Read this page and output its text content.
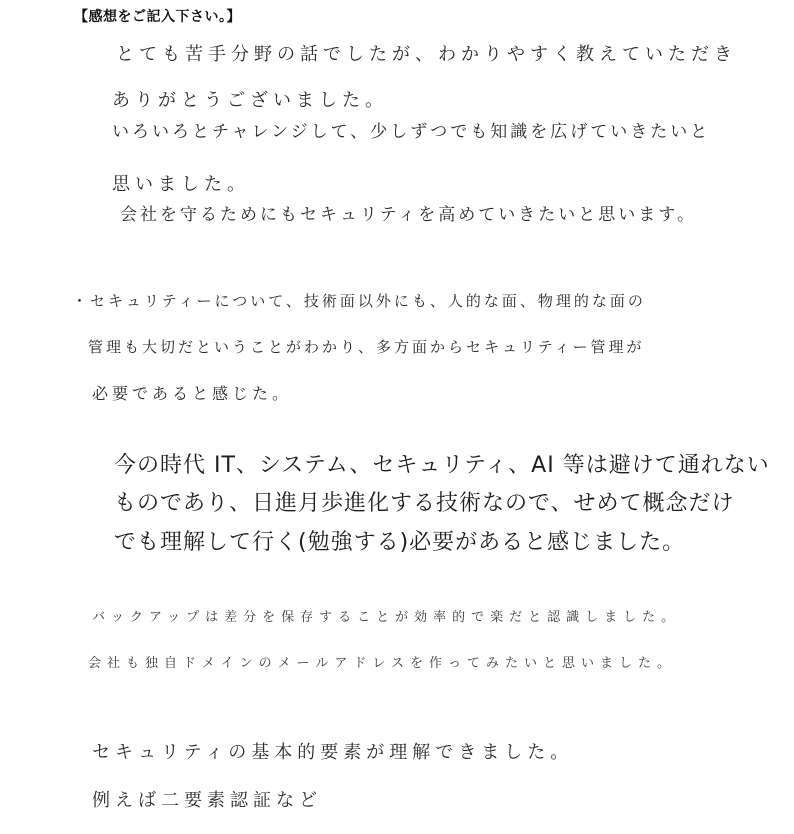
【感想をご記入下さい。】
とても苦手分野の話でしたが、わかりやすく教えていただき
ありがとうございました。
いろいろとチャレンジして、少しずつでも知識を広げていきたいと
思いました。
会社を守るためにもセキュリティを高めていきたいと思います。
・セキュリティーについて、技術面以外にも、人的な面、物理的な面の
管理も大切だということがわかり、多方面からセキュリティー管理が
必要であると感じた。
今の時代 IT、システム、セキュリティ、AI 等は避けて通れない
ものであり、日進月歩進化する技術なので、せめて概念だけ
でも理解して行く(勉強する)必要があると感じました。
バックアップは差分を保存することが効率的で楽だと認識しました。
会社も独自ドメインのメールアドレスを作ってみたいと思いました。
セキュリティの基本的要素が理解できました。
例えば二要素認証など
